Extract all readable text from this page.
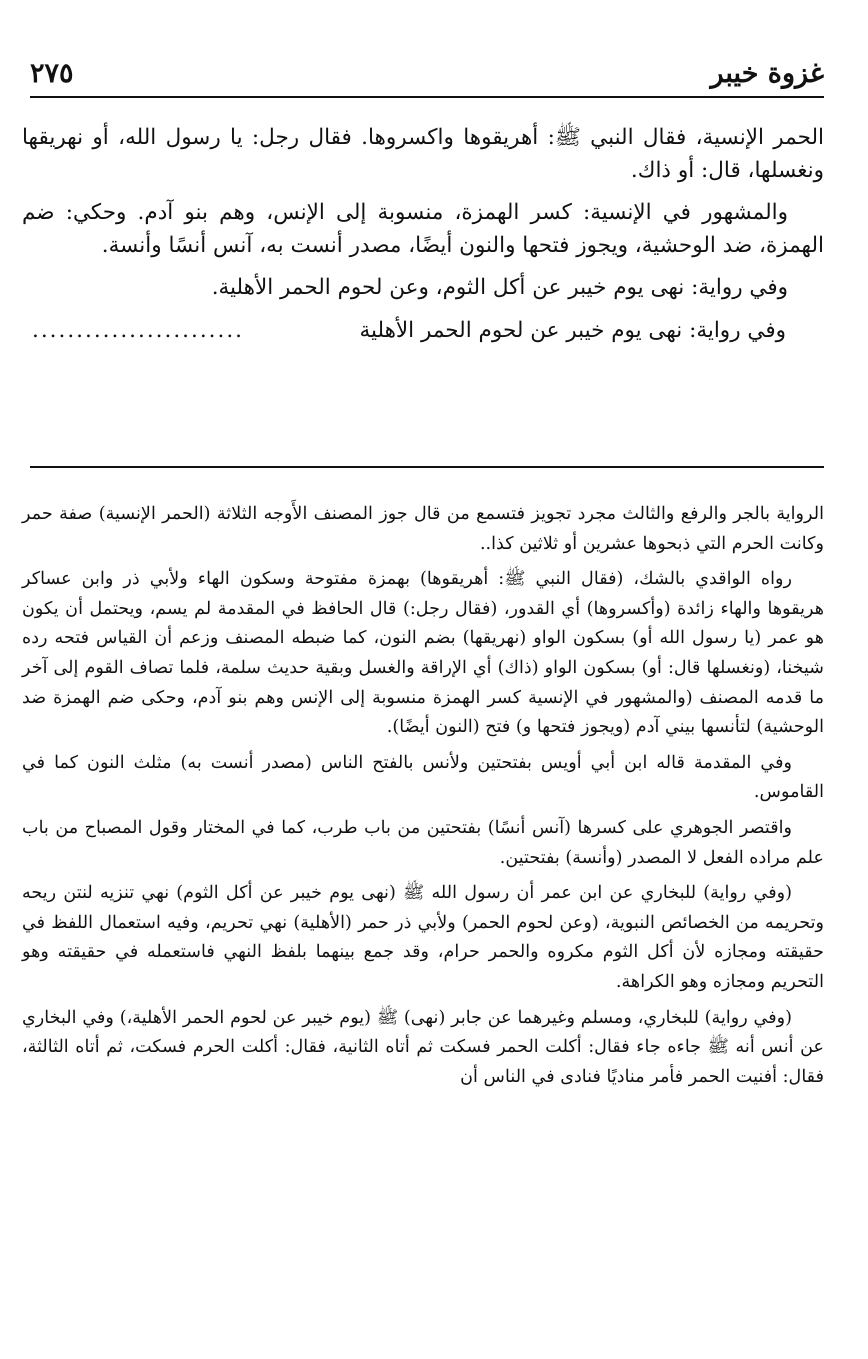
غزوة خيبر
٢٧٥

الحمر الإنسية، فقال النبي ﷺ: أهريقوها واكسروها. فقال رجل: يا رسول الله، أو نهريقها ونغسلها، قال: أو ذاك.

والمشهور في الإنسية: كسر الهمزة، منسوبة إلى الإنس، وهم بنو آدم. وحكي: ضم الهمزة، ضد الوحشية، ويجوز فتحها والنون أيضًا، مصدر أنست به، آنس أنسًا وأنسة.

وفي رواية: نهى يوم خيبر عن أكل الثوم، وعن لحوم الحمر الأهلية.

وفي رواية: نهى يوم خيبر عن لحوم الحمر الأهلية
........................

الرواية بالجر والرفع والثالث مجرد تجويز فتسمع من قال جوز المصنف الأَوجه الثلاثة (الحمر الإنسية) صفة حمر وكانت الحرم التي ذبحوها عشرين أو ثلاثين كذا..

رواه الواقدي بالشك، (فقال النبي ﷺ: أهريقوها) بهمزة مفتوحة وسكون الهاء ولأبي ذر وابن عساكر هريقوها والهاء زائدة (وأكسروها) أي القدور، (فقال رجل:) قال الحافظ في المقدمة لم يسم، ويحتمل أن يكون هو عمر (يا رسول الله أو) بسكون الواو (نهريقها) بضم النون، كما ضبطه المصنف وزعم أن القياس فتحه رده شيخنا، (ونغسلها قال: أو) بسكون الواو (ذاك) أي الإراقة والغسل وبقية حديث سلمة، فلما تصاف القوم إلى آخر ما قدمه المصنف (والمشهور في الإنسية كسر الهمزة منسوبة إلى الإنس وهم بنو آدم، وحكى ضم الهمزة ضد الوحشية) لتأنسها بيني آدم (ويجوز فتحها و) فتح (النون أيضًا).

وفي المقدمة قاله ابن أبي أويس بفتحتين ولأنس بالفتح الناس (مصدر أنست به) مثلث النون كما في القاموس.

واقتصر الجوهري على كسرها (آنس أنسًا) بفتحتين من باب طرب، كما في المختار وقول المصباح من باب علم مراده الفعل لا المصدر (وأنسة) بفتحتين.

(وفي رواية) للبخاري عن ابن عمر أن رسول الله ﷺ (نهى يوم خيبر عن أكل الثوم) نهي تنزيه لنتن ريحه وتحريمه من الخصائص النبوية، (وعن لحوم الحمر) ولأبي ذر حمر (الأهلية) نهي تحريم، وفيه استعمال اللفظ في حقيقته ومجازه لأن أكل الثوم مكروه والحمر حرام، وقد جمع بينهما بلفظ النهي فاستعمله في حقيقته وهو التحريم ومجازه وهو الكراهة.

(وفي رواية) للبخاري، ومسلم وغيرهما عن جابر (نهى) ﷺ (يوم خيبر عن لحوم الحمر الأهلية،) وفي البخاري عن أنس أنه ﷺ جاءه جاء فقال: أكلت الحمر فسكت ثم أتاه الثانية، فقال: أكلت الحرم فسكت، ثم أتاه الثالثة، فقال: أفنيت الحمر فأمر مناديًا فنادى في الناس أن
